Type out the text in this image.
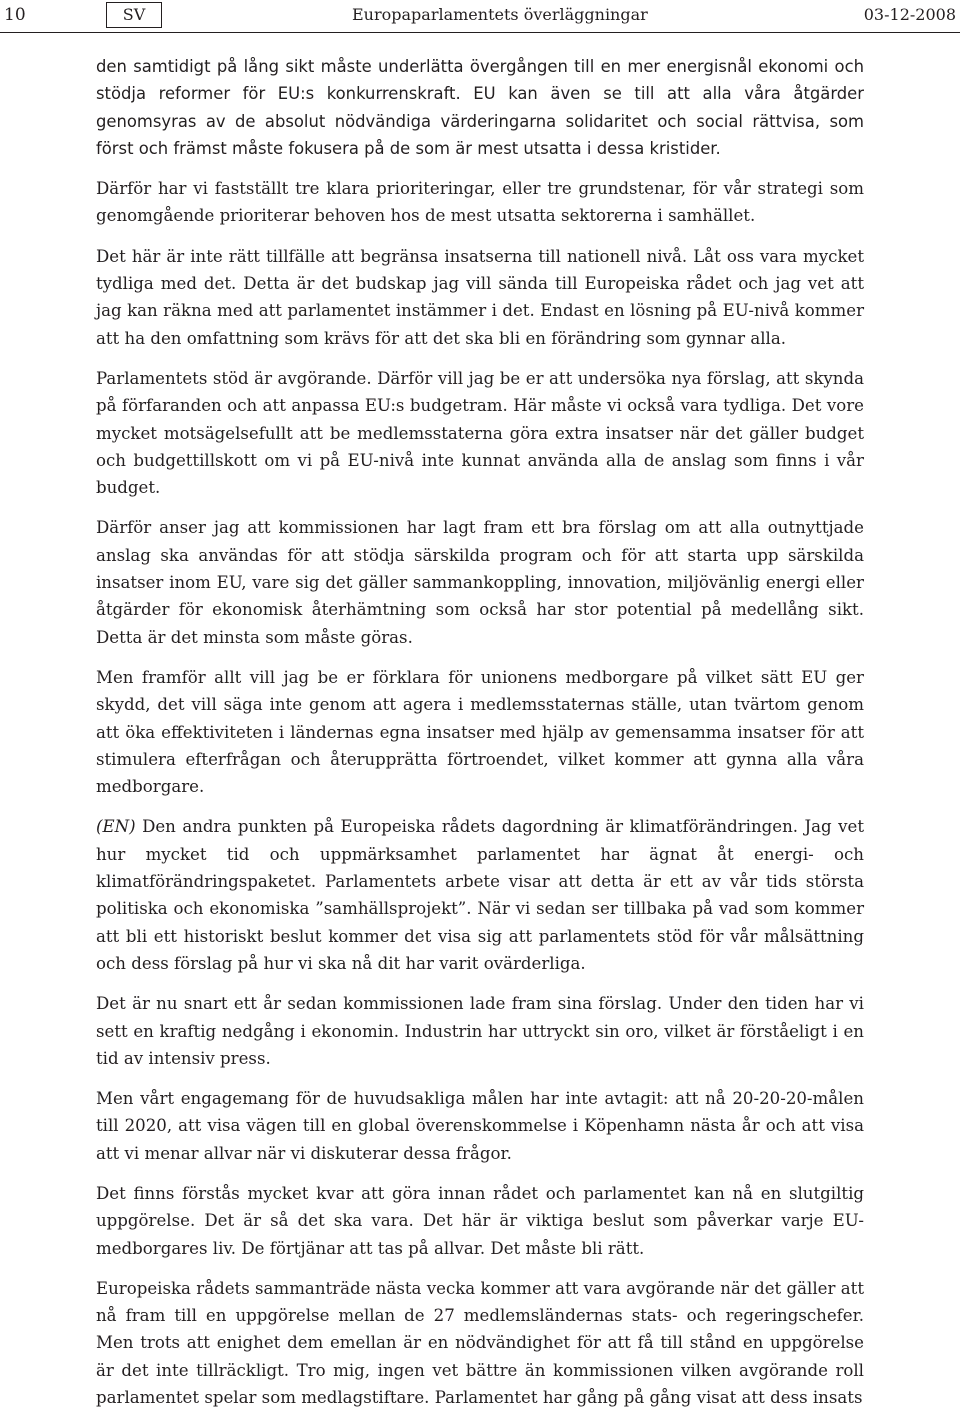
10	SV	Europaparlamentets överläggningar	03-12-2008

den samtidigt på lång sikt måste underlätta övergången till en mer energisnål ekonomi och stödja reformer för EU:s konkurrenskraft. EU kan även se till att alla våra åtgärder genomsyras av de absolut nödvändiga värderingarna solidaritet och social rättvisa, som först och främst måste fokusera på de som är mest utsatta i dessa kristider.

Därför har vi fastställt tre klara prioriteringar, eller tre grundstenar, för vår strategi som genomgående prioriterar behoven hos de mest utsatta sektorerna i samhället.

Det här är inte rätt tillfälle att begränsa insatserna till nationell nivå. Låt oss vara mycket tydliga med det. Detta är det budskap jag vill sända till Europeiska rådet och jag vet att jag kan räkna med att parlamentet instämmer i det. Endast en lösning på EU-nivå kommer att ha den omfattning som krävs för att det ska bli en förändring som gynnar alla.

Parlamentets stöd är avgörande. Därför vill jag be er att undersöka nya förslag, att skynda på förfaranden och att anpassa EU:s budgetram. Här måste vi också vara tydliga. Det vore mycket motsägelsefullt att be medlemsstaterna göra extra insatser när det gäller budget och budgettillskott om vi på EU-nivå inte kunnat använda alla de anslag som finns i vår budget.

Därför anser jag att kommissionen har lagt fram ett bra förslag om att alla outnyttjade anslag ska användas för att stödja särskilda program och för att starta upp särskilda insatser inom EU, vare sig det gäller sammankoppling, innovation, miljövänlig energi eller åtgärder för ekonomisk återhämtning som också har stor potential på medellång sikt. Detta är det minsta som måste göras.

Men framför allt vill jag be er förklara för unionens medborgare på vilket sätt EU ger skydd, det vill säga inte genom att agera i medlemsstaternas ställe, utan tvärtom genom att öka effektiviteten i ländernas egna insatser med hjälp av gemensamma insatser för att stimulera efterfrågan och återupprätta förtroendet, vilket kommer att gynna alla våra medborgare.

(EN) Den andra punkten på Europeiska rådets dagordning är klimatförändringen. Jag vet hur mycket tid och uppmärksamhet parlamentet har ägnat åt energi- och klimatförändringspaketet. Parlamentets arbete visar att detta är ett av vår tids största politiska och ekonomiska ”samhällsprojekt”. När vi sedan ser tillbaka på vad som kommer att bli ett historiskt beslut kommer det visa sig att parlamentets stöd för vår målsättning och dess förslag på hur vi ska nå dit har varit ovärderliga.

Det är nu snart ett år sedan kommissionen lade fram sina förslag. Under den tiden har vi sett en kraftig nedgång i ekonomin. Industrin har uttryckt sin oro, vilket är förståeligt i en tid av intensiv press.

Men vårt engagemang för de huvudsakliga målen har inte avtagit: att nå 20-20-20-målen till 2020, att visa vägen till en global överenskommelse i Köpenhamn nästa år och att visa att vi menar allvar när vi diskuterar dessa frågor.

Det finns förstås mycket kvar att göra innan rådet och parlamentet kan nå en slutgiltig uppgörelse. Det är så det ska vara. Det här är viktiga beslut som påverkar varje EU-medborgares liv. De förtjänar att tas på allvar. Det måste bli rätt.

Europeiska rådets sammanträde nästa vecka kommer att vara avgörande när det gäller att nå fram till en uppgörelse mellan de 27 medlemsländernas stats- och regeringschefer. Men trots att enighet dem emellan är en nödvändighet för att få till stånd en uppgörelse är det inte tillräckligt. Tro mig, ingen vet bättre än kommissionen vilken avgörande roll parlamentet spelar som medlagstiftare. Parlamentet har gång på gång visat att dess insats
